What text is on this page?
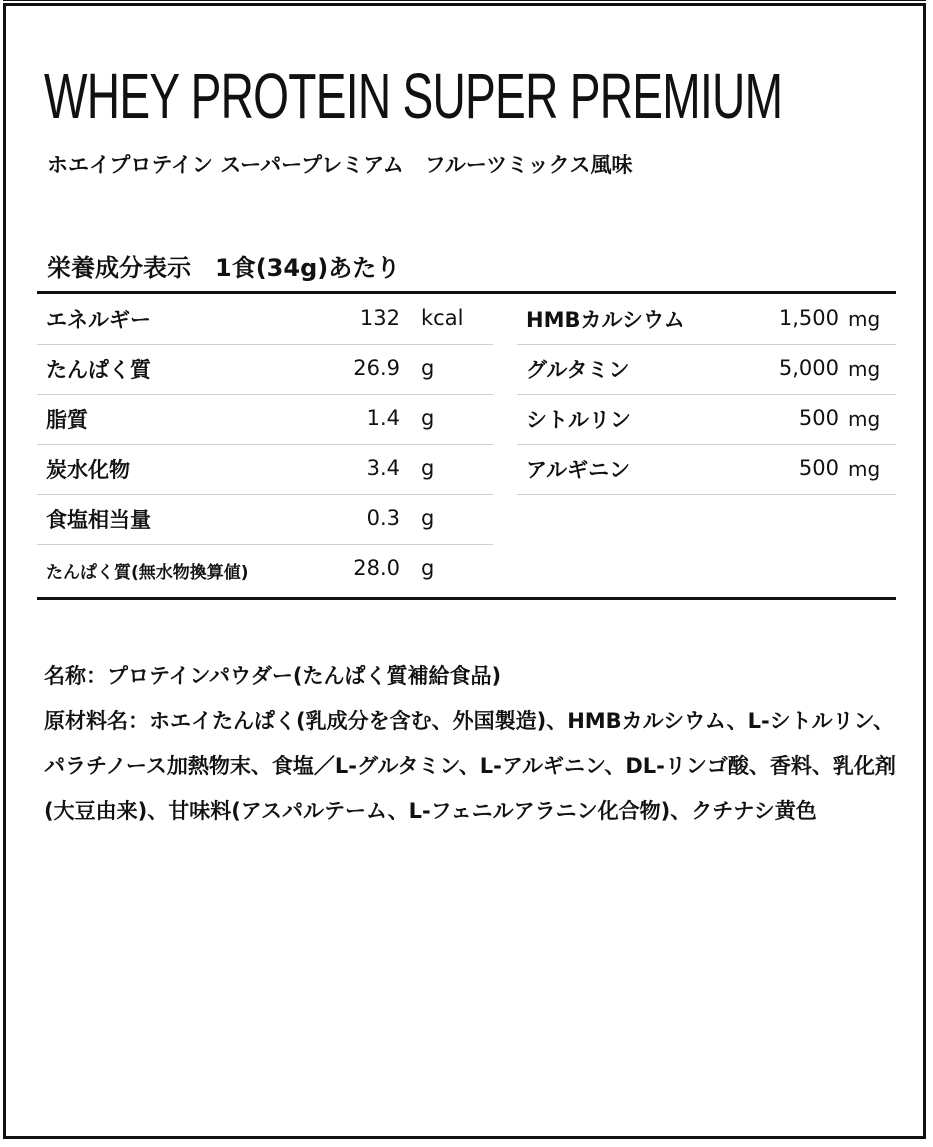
WHEY PROTEIN SUPER PREMIUM
ホエイプロテイン スーパープレミアム　フルーツミックス風味
栄養成分表示　1食(34g)あたり
エネルギー	132 kcal
たんぱく質	26.9 g
脂質	1.4 g
炭水化物	3.4 g
食塩相当量	0.3 g
たんぱく質(無水物換算値)	28.0 g
HMBカルシウム	1,500 mg
グルタミン	5,000 mg
シトルリン	500 mg
アルギニン	500 mg

名称：プロテインパウダー(たんぱく質補給食品)

原材料名：ホエイたんぱく(乳成分を含む、外国製造)、HMBカルシウム、L-シトルリン、パラチノース加熱物末、食塩／L-グルタミン、L-アルギニン、DL-リンゴ酸、香料、乳化剤(大豆由来)、甘味料(アスパルテーム、L-フェニルアラニン化合物)、クチナシ黄色
